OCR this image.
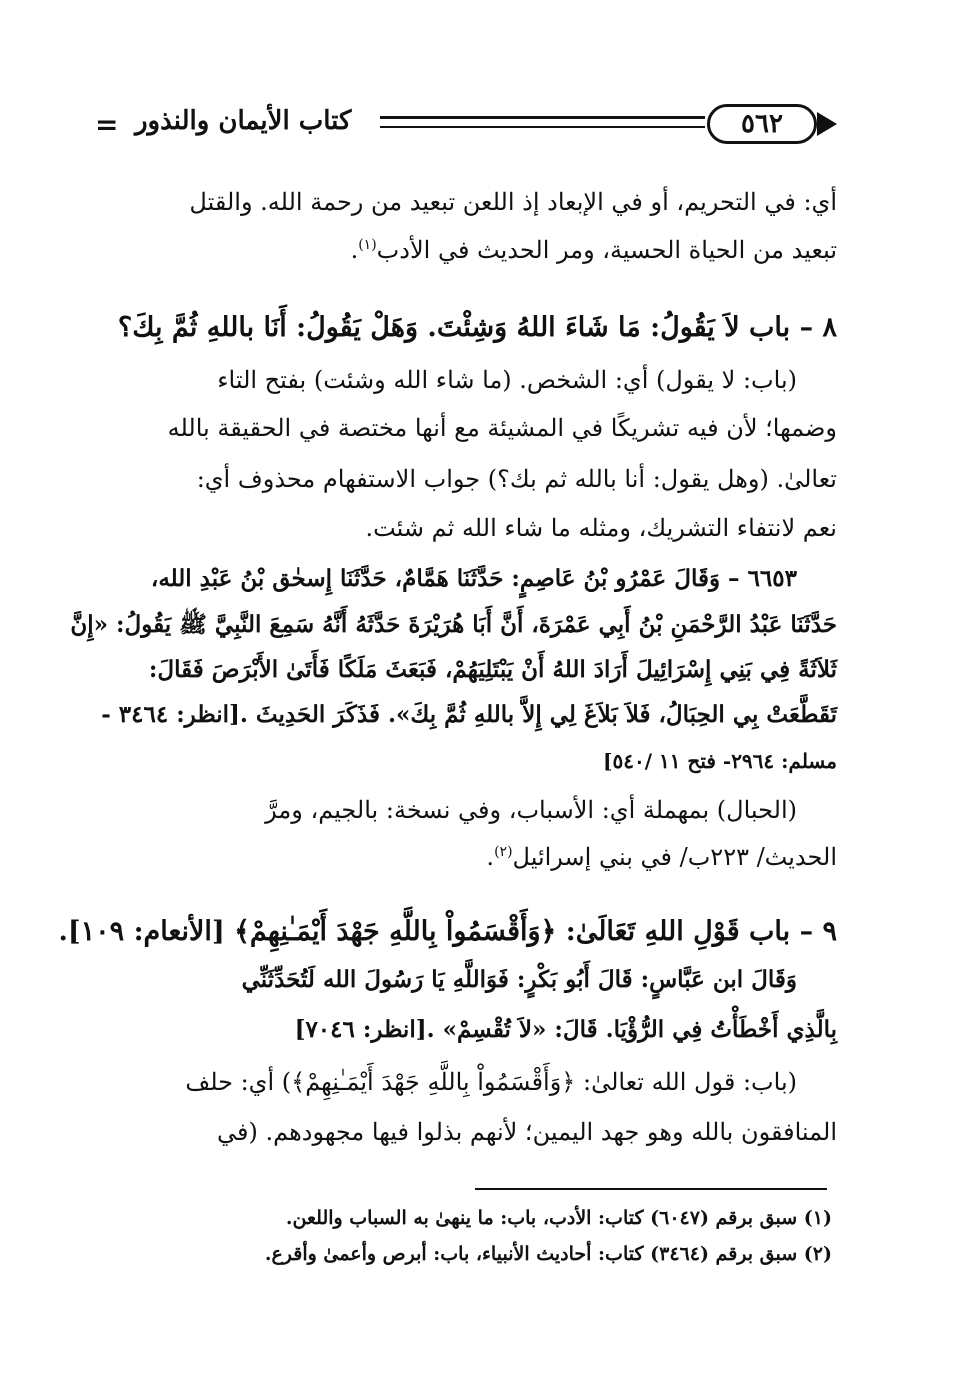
= كتاب الأيمان والنذور	٥٦٢
أي: في التحريم، أو في الإبعاد إذ اللعن تبعيد من رحمة الله. والقتل
تبعيد من الحياة الحسية، ومر الحديث في الأدب$^{(١)}$.
٨ – باب لاَ يَقُولُ: مَا شَاءَ اللهُ وَشِئْتَ. وَهَلْ يَقُولُ: أَنَا باللهِ ثُمَّ بِكَ؟
(باب: لا يقول) أي: الشخص. (ما شاء الله وشئت) بفتح التاء
وضمها؛ لأن فيه تشريكًا في المشيئة مع أنها مختصة في الحقيقة بالله
تعالىٰ. (وهل يقول: أنا بالله ثم بك؟) جواب الاستفهام محذوف أي:
نعم لانتفاء التشريك، ومثله ما شاء الله ثم شئت.
٦٦٥٣ – وَقَالَ عَمْرُو بْنُ عَاصِمٍ: حَدَّثَنَا هَمَّامٌ، حَدَّثَنَا إِسحٰق بْنُ عَبْدِ الله،
حَدَّثَنَا عَبْدُ الرَّحْمَنِ بْنُ أَبِي عَمْرَةَ، أَنَّ أَبَا هُرَيْرَةَ حَدَّثَهُ أَنَّهُ سَمِعَ النَّبِيَّ ﷺ يَقُولُ: «إِنَّ
ثَلاَثَةً فِي بَنِي إِسْرَائِيلَ أَرَادَ اللهُ أَنْ يَبْتَلِيَهُمْ، فَبَعَثَ مَلَكًا فَأَتَىٰ الأَبْرَصَ فَقَالَ:
تَقَطَّعَتْ بِي الحِبَالُ، فَلاَ بَلاَغَ لِي إِلاَّ باللهِ ثُمَّ بِكَ». فَذَكَرَ الحَدِيثَ .[انظر: ٣٤٦٤ -
مسلم: ٢٩٦٤- فتح ١١ /٥٤٠]
(الحبال) بمهملة أي: الأسباب، وفي نسخة: بالجيم، ومرَّ
الحديث/ ٢٢٣ب/ في بني إسرائيل$^{(٢)}$.
٩ – باب قَوْلِ اللهِ تَعَالَىٰ: ﴿وَأَقْسَمُواْ بِاللَّهِ جَهْدَ أَيْمَـٰنِهِمْ﴾ [الأنعام: ١٠٩].
وَقَالَ ابن عَبَّاسٍ: قَالَ أَبُو بَكْرٍ: فَوَاللَّهِ يَا رَسُولَ الله لَتُحَدِّثَنِّي
بِالَّذِي أَخْطَأْتُ فِي الرُّؤْيَا. قَالَ: «لاَ تُقْسِمْ» .[انظر: ٧٠٤٦]
(باب: قول الله تعالىٰ: ﴿وَأَقْسَمُواْ بِاللَّهِ جَهْدَ أَيْمَـٰنِهِمْ﴾) أي: حلف
المنافقون بالله وهو جهد اليمين؛ لأنهم بذلوا فيها مجهودهم. (في
(١) سبق برقم (٦٠٤٧) كتاب: الأدب، باب: ما ينهىٰ به السباب واللعن.
(٢) سبق برقم (٣٤٦٤) كتاب: أحاديث الأنبياء، باب: أبرص وأعمىٰ وأقرع.
